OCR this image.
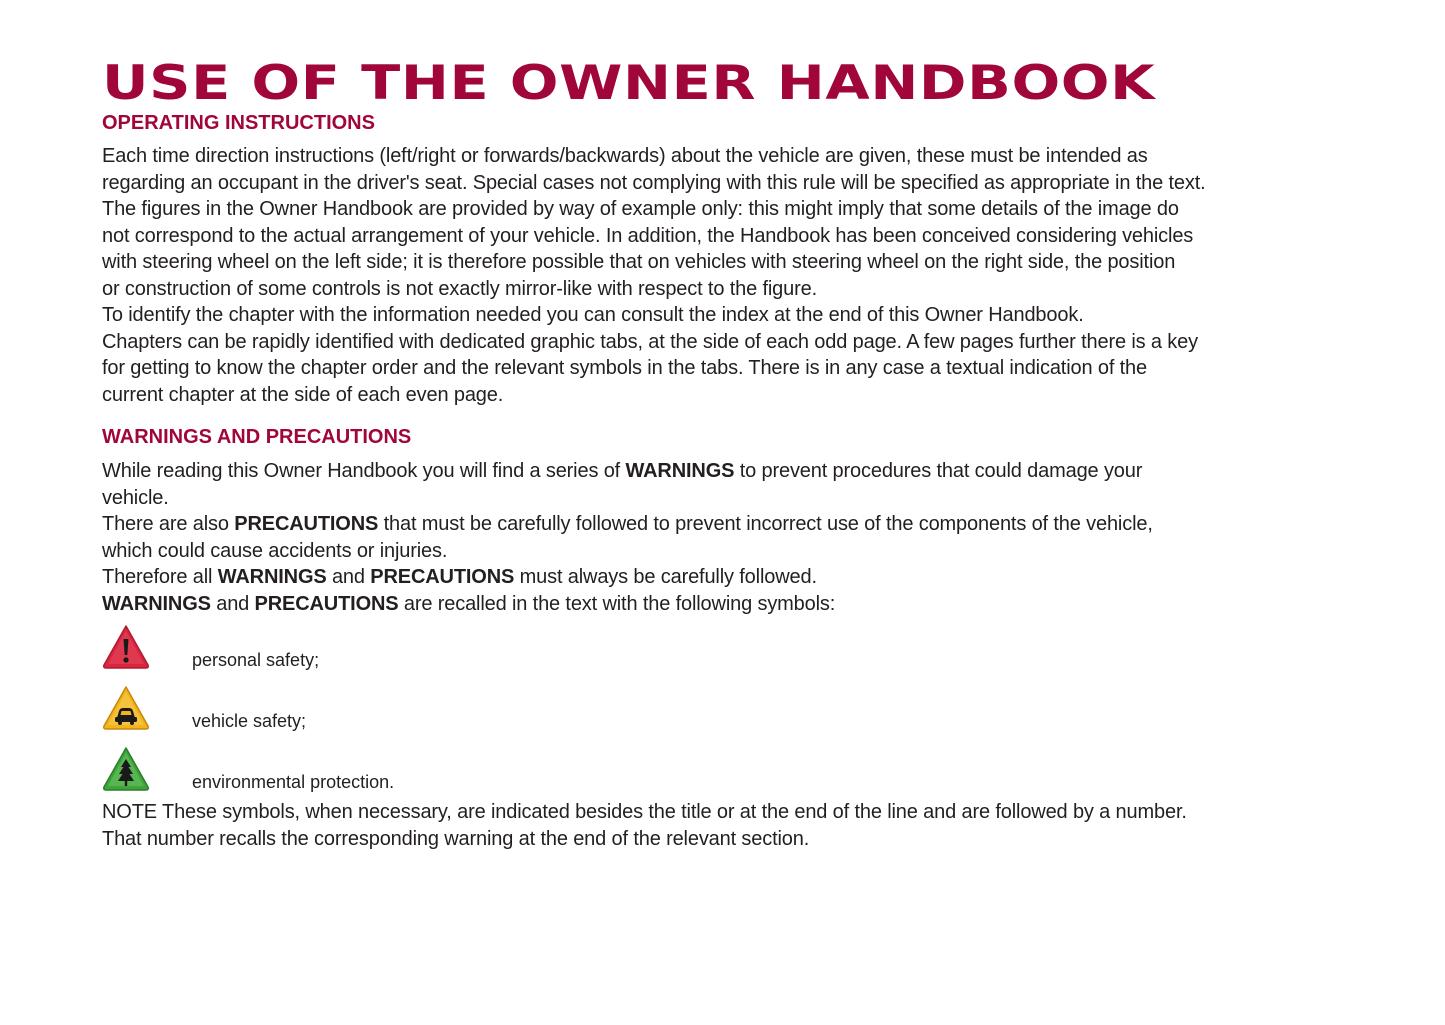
USE OF THE OWNER HANDBOOK
OPERATING INSTRUCTIONS

Each time direction instructions (left/right or forwards/backwards) about the vehicle are given, these must be intended as

regarding an occupant in the driver's seat. Special cases not complying with this rule will be specified as appropriate in the text.

The figures in the Owner Handbook are provided by way of example only: this might imply that some details of the image do

not correspond to the actual arrangement of your vehicle. In addition, the Handbook has been conceived considering vehicles

with steering wheel on the left side; it is therefore possible that on vehicles with steering wheel on the right side, the position

or construction of some controls is not exactly mirror-like with respect to the figure.

To identify the chapter with the information needed you can consult the index at the end of this Owner Handbook.

Chapters can be rapidly identified with dedicated graphic tabs, at the side of each odd page. A few pages further there is a key

for getting to know the chapter order and the relevant symbols in the tabs. There is in any case a textual indication of the

current chapter at the side of each even page.

WARNINGS AND PRECAUTIONS

While reading this Owner Handbook you will find a series of WARNINGS to prevent procedures that could damage your

vehicle.

There are also PRECAUTIONS that must be carefully followed to prevent incorrect use of the components of the vehicle,

which could cause accidents or injuries.

Therefore all WARNINGS and PRECAUTIONS must always be carefully followed.

WARNINGS and PRECAUTIONS are recalled in the text with the following symbols:

personal safety;
vehicle safety;
environmental protection.

NOTE These symbols, when necessary, are indicated besides the title or at the end of the line and are followed by a number.

That number recalls the corresponding warning at the end of the relevant section.
